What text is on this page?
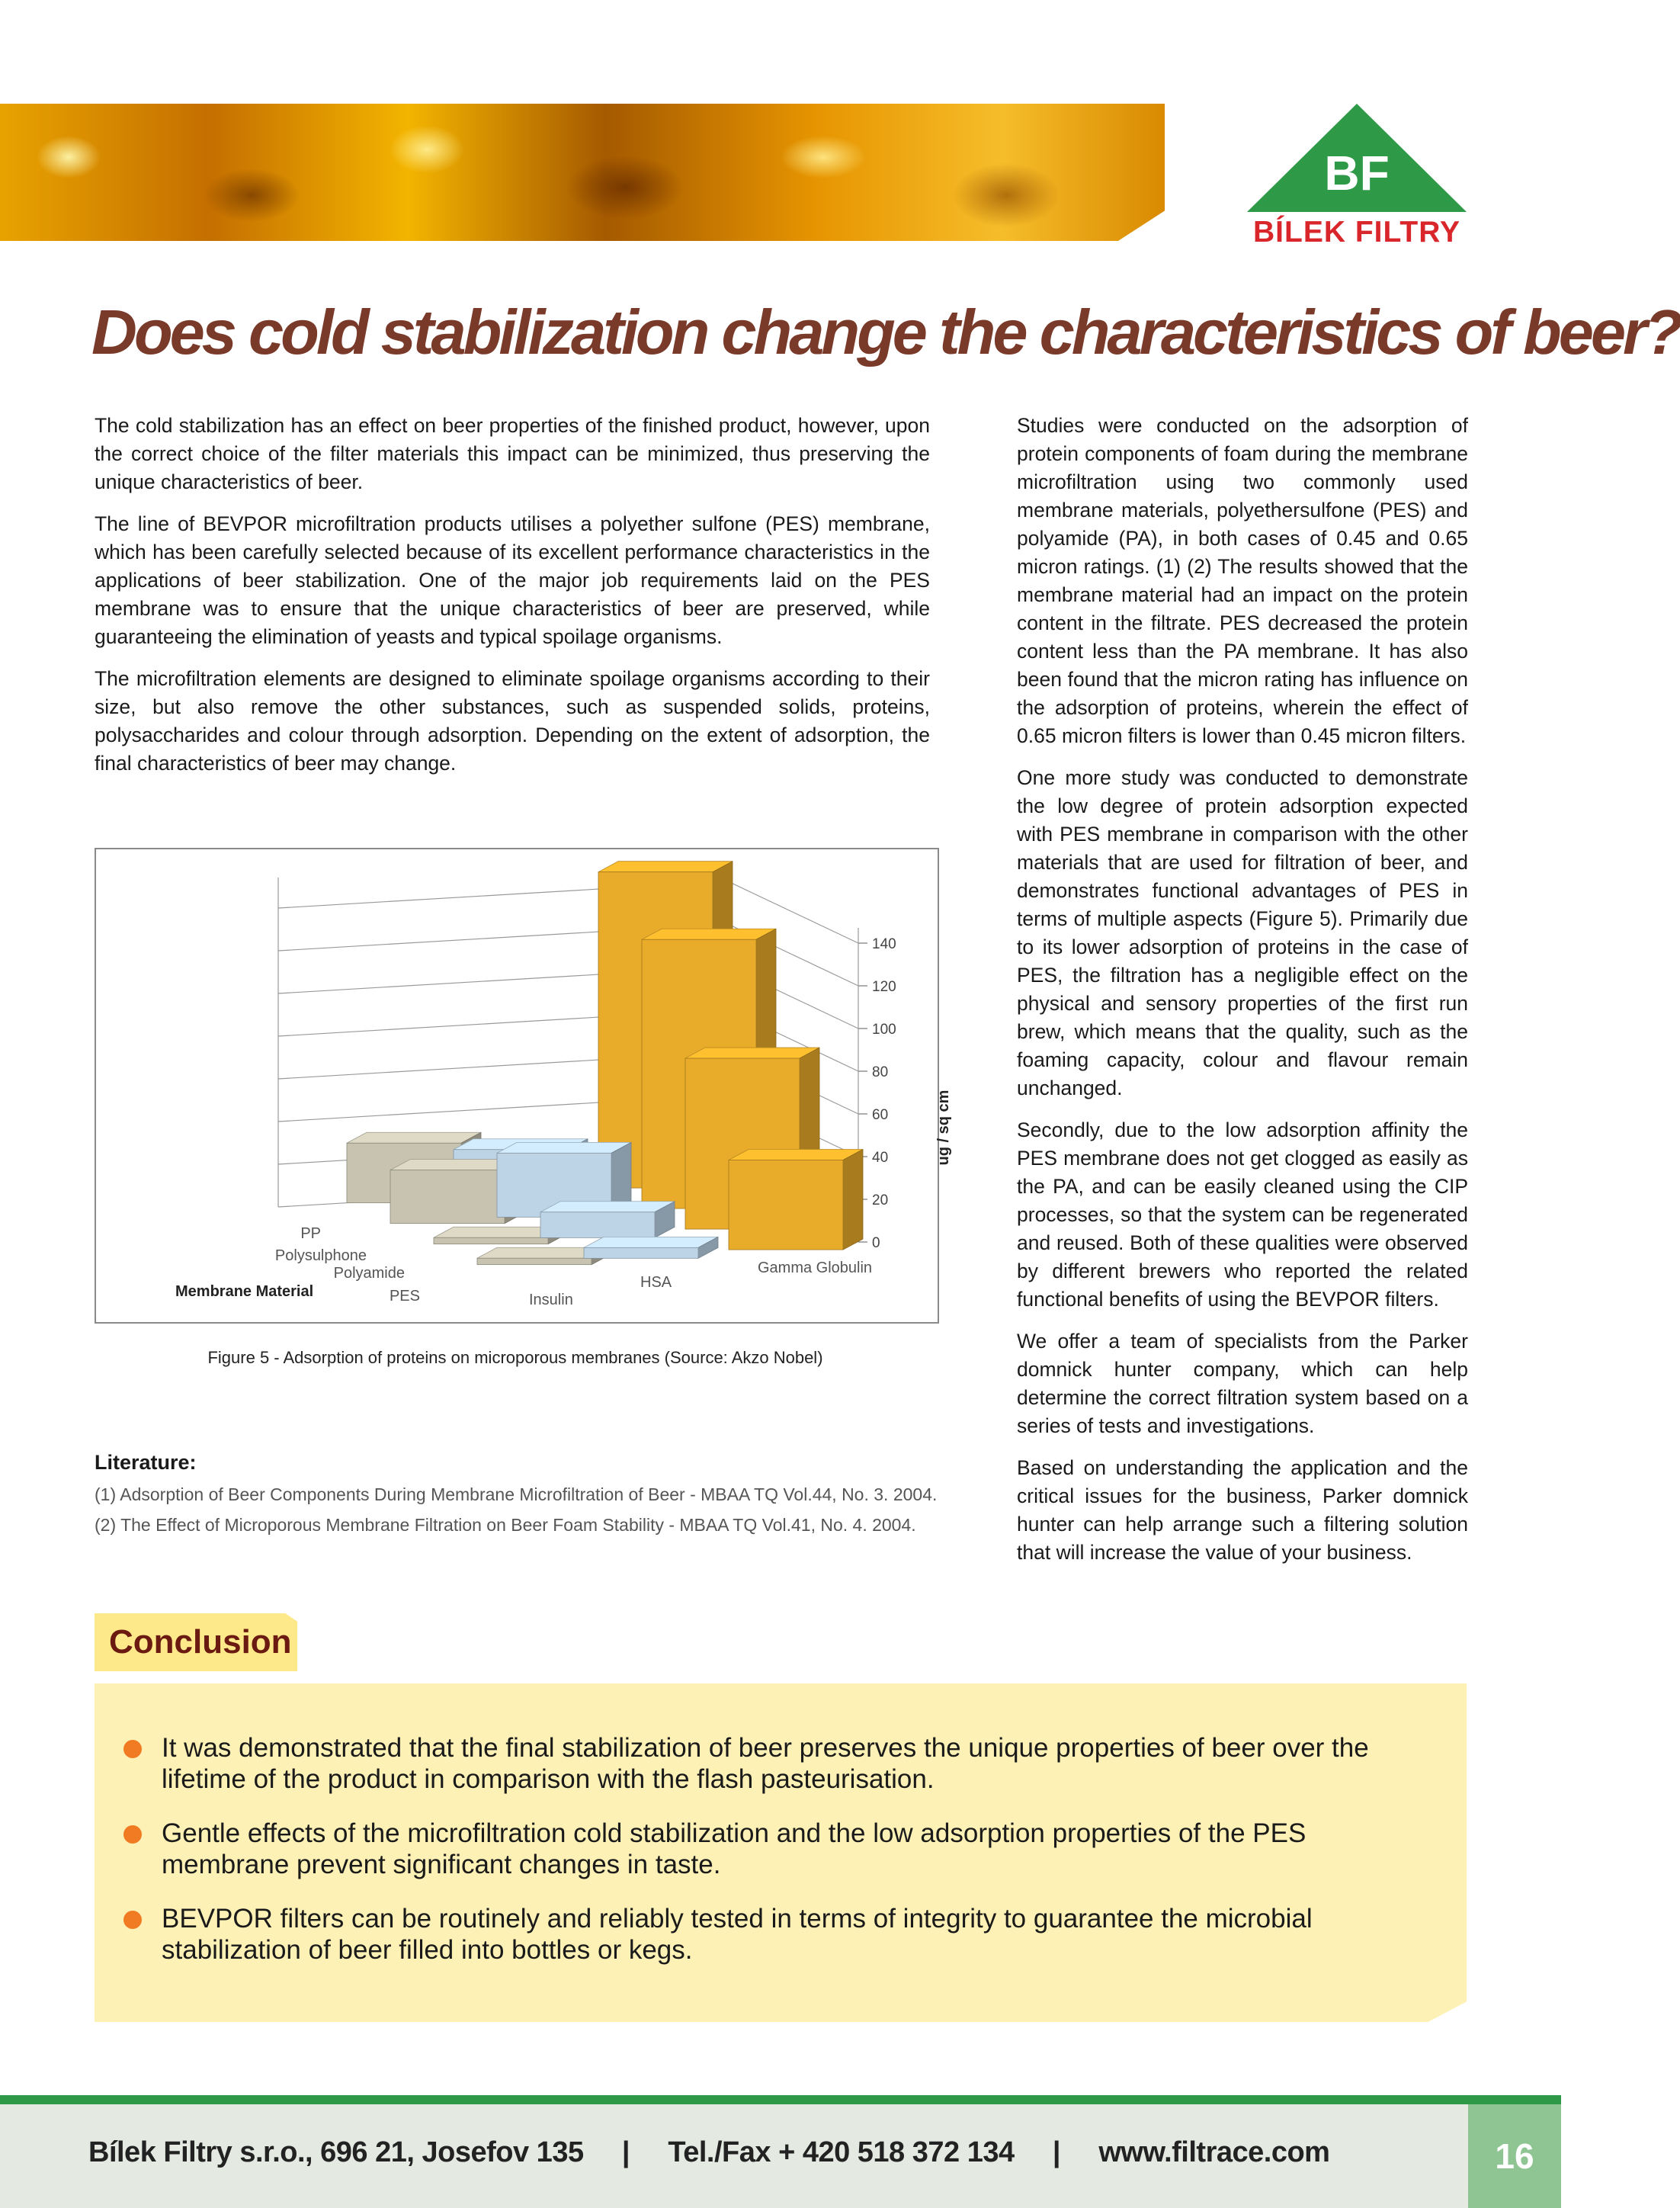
BF
BÍLEK FILTRY
Does cold stabilization change the characteristics of beer?

The cold stabilization has an effect on beer properties of the finished product, however, upon the correct choice of the filter materials this impact can be minimized, thus preserving the unique characteristics of beer.

The line of BEVPOR microfiltration products utilises a polyether sulfone (PES) membrane, which has been carefully selected because of its excellent performance characteristics in the applications of beer stabilization. One of the major job requirements laid on the PES membrane was to ensure that the unique characteristics of beer are preserved, while guaranteeing the elimination of yeasts and typical spoilage organisms.

The microfiltration elements are designed to eliminate spoilage organisms according to their size, but also remove the other substances, such as suspended solids, proteins, polysaccharides and colour through adsorption. Depending on the extent of adsorption, the final characteristics of beer may change.

Studies were conducted on the adsorption of protein components of foam during the membrane microfiltration using two commonly used membrane materials, polyethersulfone (PES) and polyamide (PA), in both cases of 0.45 and 0.65 micron ratings. (1) (2) The results showed that the membrane material had an impact on the protein content in the filtrate. PES decreased the protein content less than the PA membrane. It has also been found that the micron rating has influence on the adsorption of proteins, wherein the effect of 0.65 micron filters is lower than 0.45 micron filters.

One more study was conducted to demonstrate the low degree of protein adsorption expected with PES membrane in comparison with the other materials that are used for filtration of beer, and demonstrates functional advantages of PES in terms of multiple aspects (Figure 5). Primarily due to its lower adsorption of proteins in the case of PES, the filtration has a negligible effect on the physical and sensory properties of the first run brew, which means that the quality, such as the foaming capacity, colour and flavour remain unchanged.

Secondly, due to the low adsorption affinity the PES membrane does not get clogged as easily as the PA, and can be easily cleaned using the CIP processes, so that the system can be regenerated and reused. Both of these qualities were observed by different brewers who reported the related functional benefits of using the BEVPOR filters.

We offer a team of specialists from the Parker domnick hunter company, which can help determine the correct filtration system based on a series of tests and investigations.

Based on understanding the application and the critical issues for the business, Parker domnick hunter can help arrange such a filtering solution that will increase the value of your business.

0
20
40
60
80
100
120
140
ug / sq cm
PP
Polysulphone
Polyamide
PES	Insulin
HSA
Gamma Globulin
Membrane Material
Figure 5 - Adsorption of proteins on microporous membranes (Source: Akzo Nobel)
Literature:
(1) Adsorption of Beer Components During Membrane Microfiltration of Beer - MBAA TQ Vol.44, No. 3. 2004.
(2) The Effect of Microporous Membrane Filtration on Beer Foam Stability - MBAA TQ Vol.41, No. 4. 2004.
Conclusion
It was demonstrated that the final stabilization of beer preserves the unique properties of beer over the lifetime of the product in comparison with the flash pasteurisation.
Gentle effects of the microfiltration cold stabilization and the low adsorption properties of the PES membrane prevent significant changes in taste.
BEVPOR filters can be routinely and reliably tested in terms of integrity to guarantee the microbial stabilization of beer filled into bottles or kegs.
Bílek Filtry s.r.o., 696 21, Josefov 135 | Tel./Fax + 420 518 372 134 | www.filtrace.com	16
